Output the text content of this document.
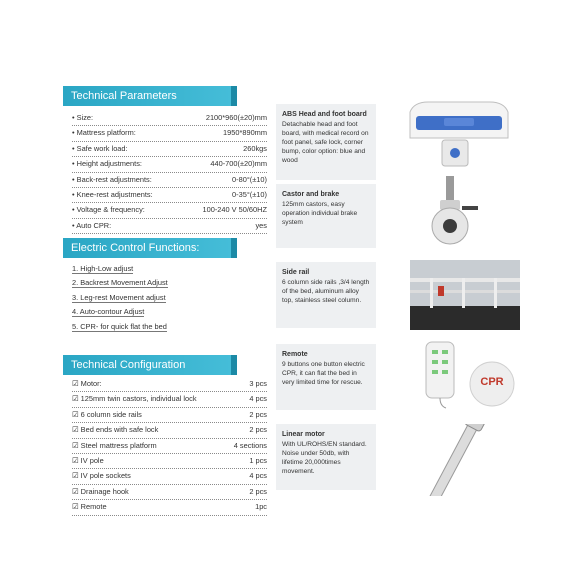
Technical Parameters
• Size:	2100*960(±20)mm
• Mattress platform:	1950*890mm
• Safe work load:	260kgs
• Height adjustments:	440-700(±20)mm
• Back-rest adjustments:	0-80°(±10)
• Knee-rest adjustments:	0-35°(±10)
• Voltage & frequency:	100-240 V 50/60HZ
• Auto CPR:	yes
Electric Control Functions:
1. High-Low adjust
2. Backrest Movement Adjust
3. Leg-rest Movement adjust
4. Auto-contour Adjust
5. CPR- for quick flat the bed
Technical Configuration
☑ Motor:	3 pcs
☑ 125mm twin castors, individual lock	4 pcs
☑ 6 column side rails	2 pcs
☑ Bed ends with safe lock	2 pcs
☑ Steel mattress platform	4 sections
☑ IV pole	1 pcs
☑ IV pole sockets	4 pcs
☑ Drainage hook	2 pcs
☑ Remote	1pc
ABS Head and foot board
Detachable head and foot board, with medical record on foot panel, safe lock, corner bump, color option: blue and wood
Castor and brake
125mm castors, easy operation individual brake system
Side rail
6 column side rails ,3/4 length of the bed, aluminum alloy top, stainless steel column.
Remote
9 buttons one button electric CPR, it can flat the bed in very limited time for rescue.
Linear motor
With UL/ROHS/EN standard. Noise under 50db, with lifetime 20,000times movement.
CPR
